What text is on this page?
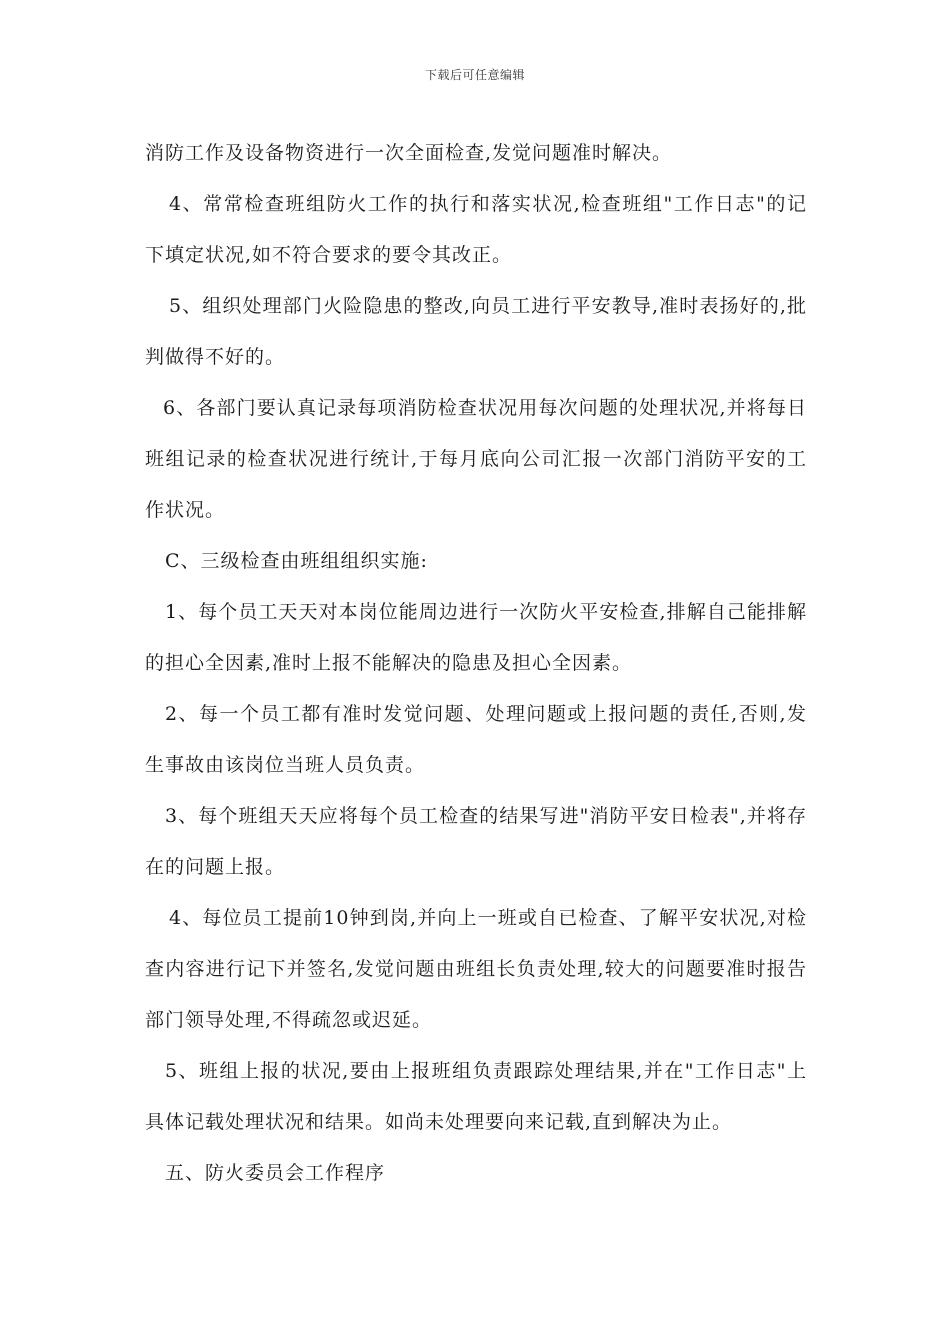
下载后可任意编辑

消防工作及设备物资进行一次全面检查,发觉问题准时解决。

4、常常检查班组防火工作的执行和落实状况,检查班组"工作日志"的记下填定状况,如不符合要求的要令其改正。

5、组织处理部门火险隐患的整改,向员工进行平安教导,准时表扬好的,批判做得不好的。

6、各部门要认真记录每项消防检查状况用每次问题的处理状况,并将每日班组记录的检查状况进行统计,于每月底向公司汇报一次部门消防平安的工作状况。

C、三级检查由班组组织实施:

1、每个员工天天对本岗位能周边进行一次防火平安检查,排解自己能排解的担心全因素,准时上报不能解决的隐患及担心全因素。

2、每一个员工都有准时发觉问题、处理问题或上报问题的责任,否则,发生事故由该岗位当班人员负责。

3、每个班组天天应将每个员工检查的结果写进"消防平安日检表",并将存在的问题上报。

4、每位员工提前10钟到岗,并向上一班或自已检查、了解平安状况,对检查内容进行记下并签名,发觉问题由班组长负责处理,较大的问题要准时报告部门领导处理,不得疏忽或迟延。

5、班组上报的状况,要由上报班组负责跟踪处理结果,并在"工作日志"上具体记载处理状况和结果。如尚未处理要向来记载,直到解决为止。

五、防火委员会工作程序
